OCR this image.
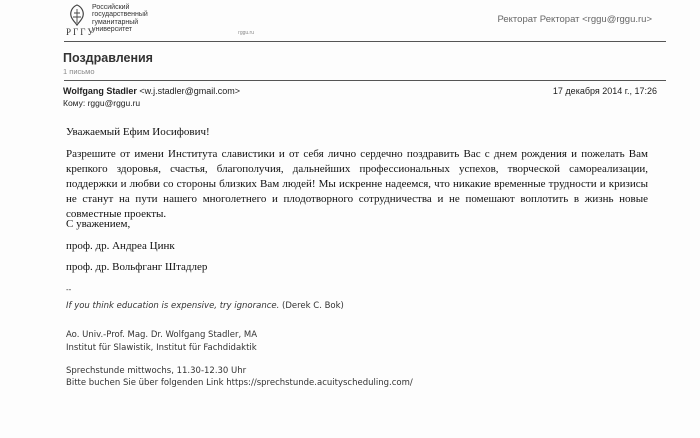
РГГУ
Российский
государственный
гуманитарный
университет
rggu.ru
Ректорат Ректорат <rggu@rggu.ru>
Поздравления
1 письмо
Wolfgang Stadler <w.j.stadler@gmail.com>	17 декабря 2014 г., 17:26
Кому: rggu@rggu.ru
Уважаемый Ефим Иосифович!
Разрешите от имени Института славистики и от себя лично сердечно поздравить Вас с днем рождения и пожелать Вам крепкого здоровья, счастья, благополучия, дальнейших профессиональных успехов, творческой самореализации, поддержки и любви со стороны близких Вам людей! Мы искренне надеемся, что никакие временные трудности и кризисы не станут на пути нашего многолетнего и плодотворного сотрудничества и не помешают воплотить в жизнь новые совместные проекты.
С уважением,
проф. др. Андреа Цинк
проф. др. Вольфганг Штадлер
--
If you think education is expensive, try ignorance. (Derek C. Bok)
Ao. Univ.-Prof. Mag. Dr. Wolfgang Stadler, MA
Institut für Slawistik, Institut für Fachdidaktik
Sprechstunde mittwochs, 11.30-12.30 Uhr
Bitte buchen Sie über folgenden Link https://sprechstunde.acuityscheduling.com/
